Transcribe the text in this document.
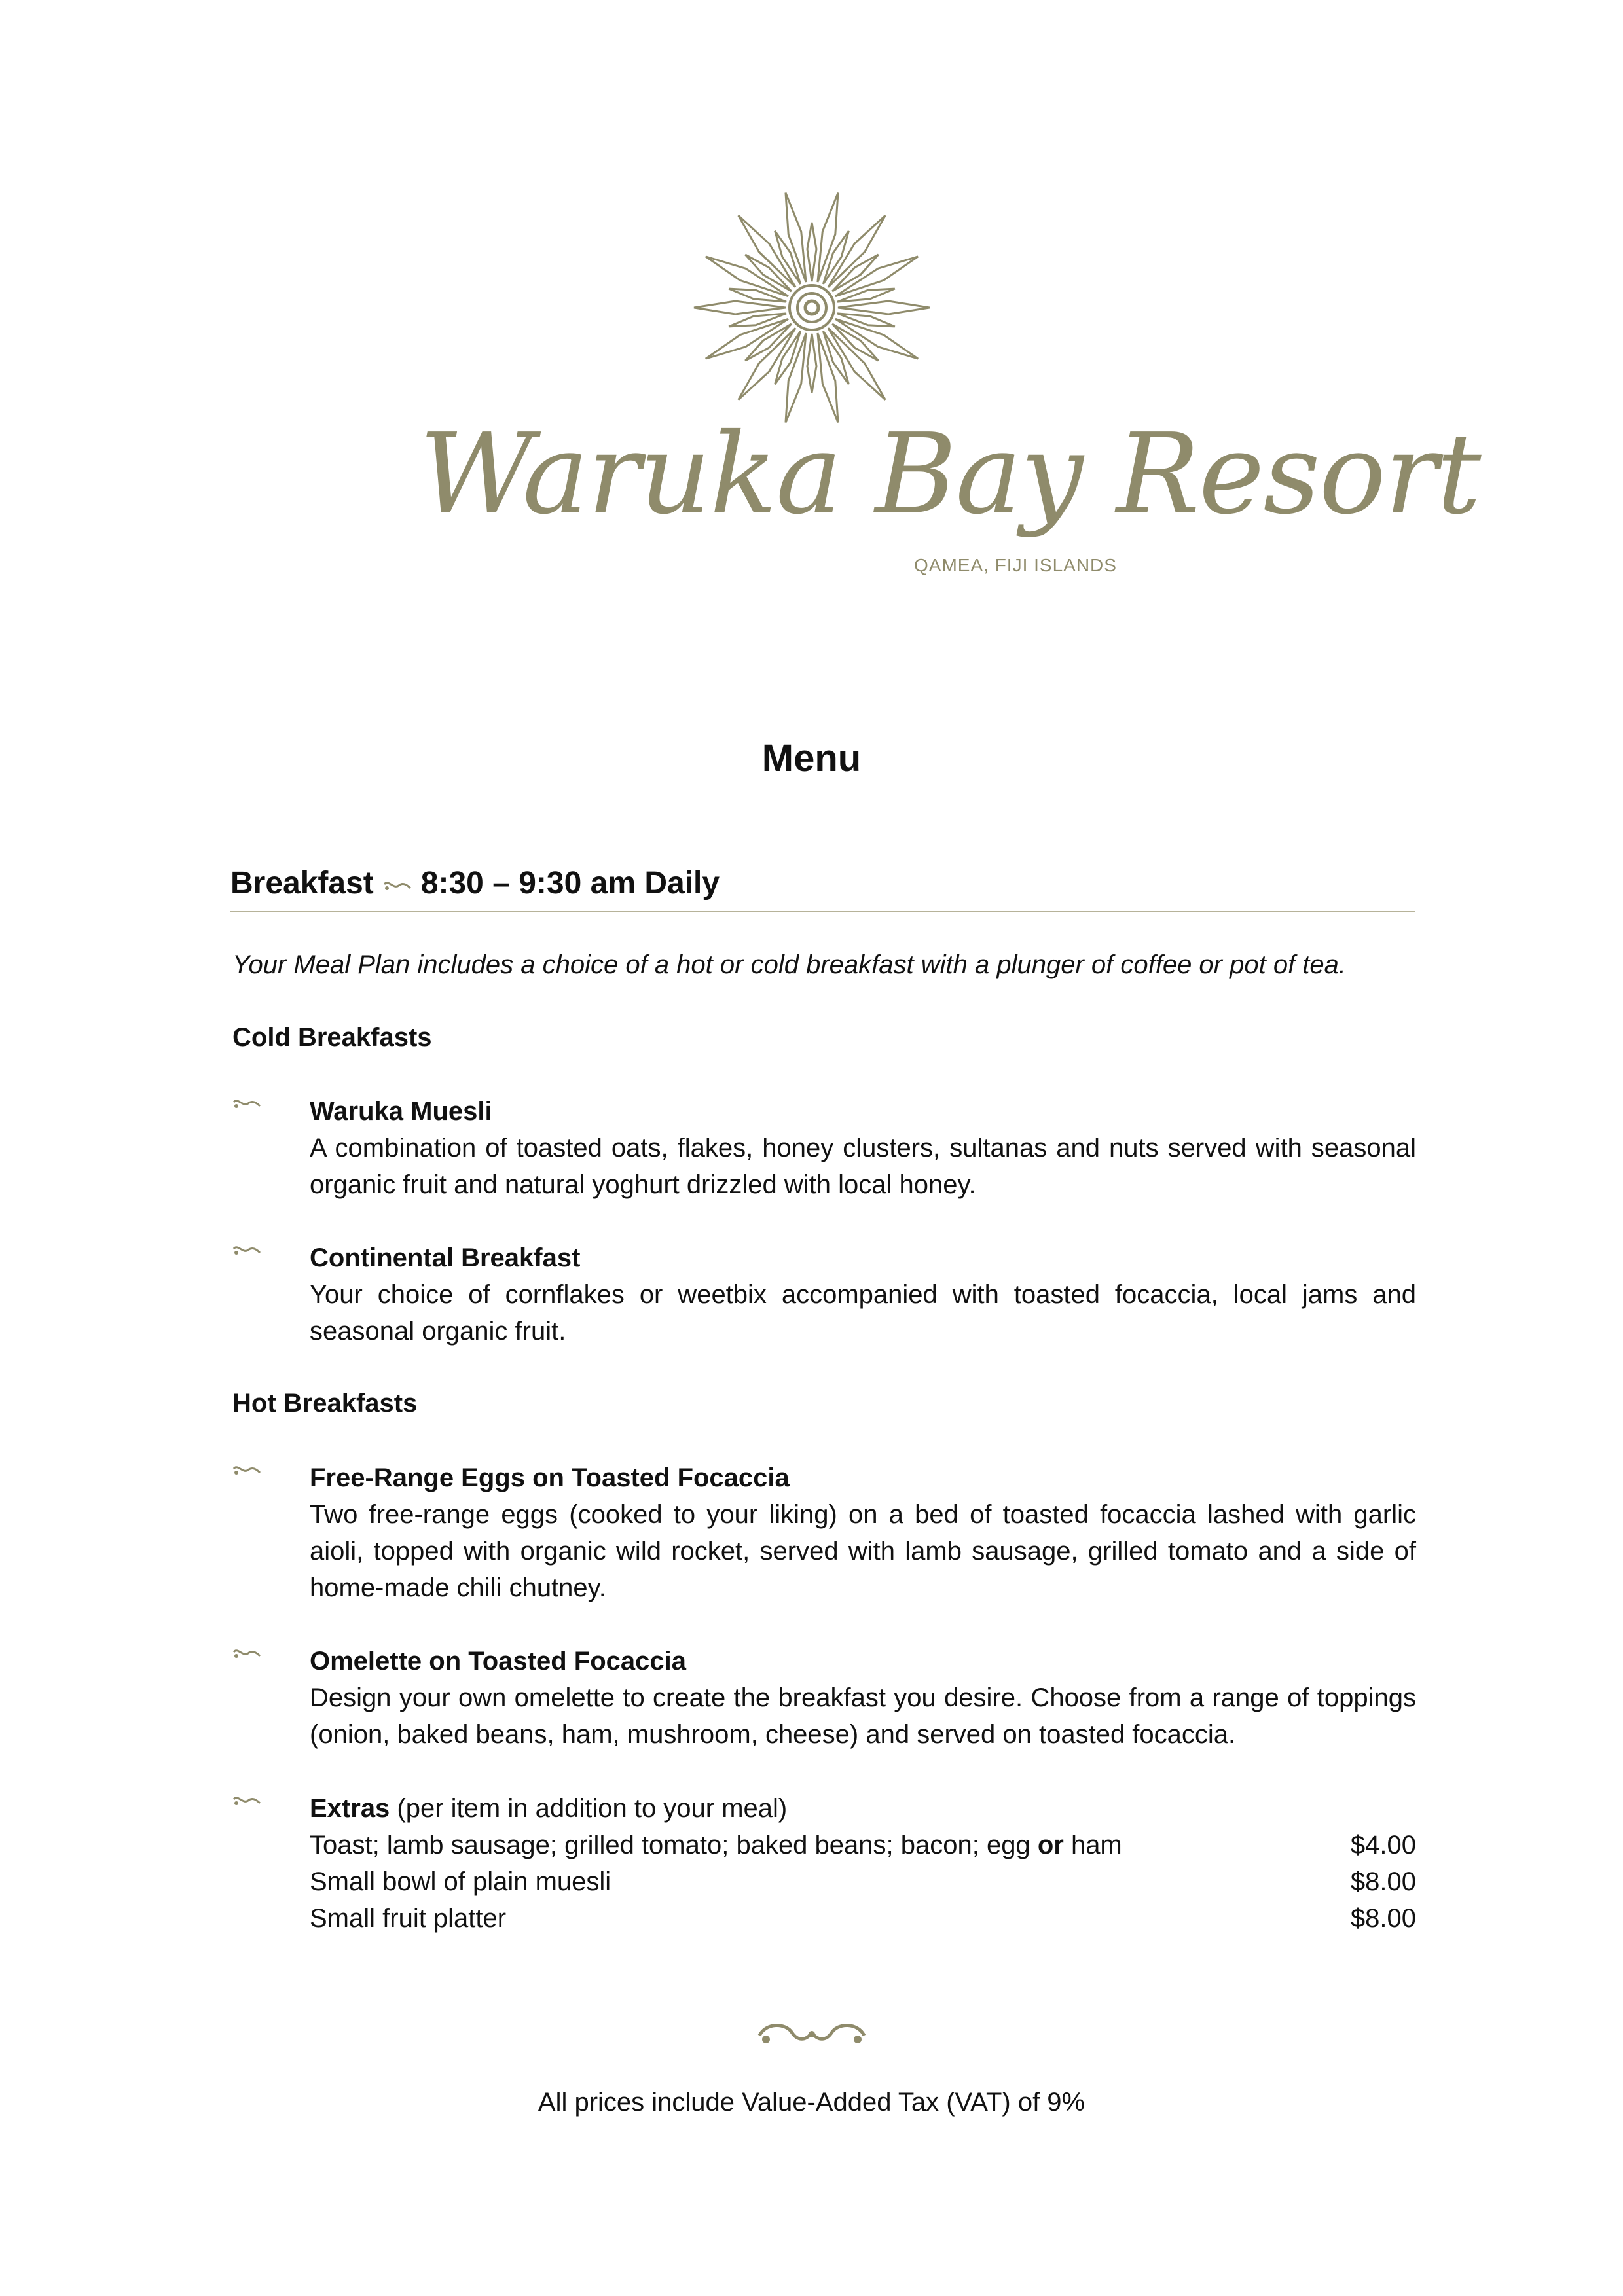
Waruka Bay Resort
QAMEA, FIJI ISLANDS
Menu
Breakfast 8:30 – 9:30 am Daily
Your Meal Plan includes a choice of a hot or cold breakfast with a plunger of coffee or pot of tea.
Cold Breakfasts
Waruka Muesli
A combination of toasted oats, flakes, honey clusters, sultanas and nuts served with seasonal organic fruit and natural yoghurt drizzled with local honey.
Continental Breakfast
Your choice of cornflakes or weetbix accompanied with toasted focaccia, local jams and seasonal organic fruit.
Hot Breakfasts
Free-Range Eggs on Toasted Focaccia
Two free-range eggs (cooked to your liking) on a bed of toasted focaccia lashed with garlic aioli, topped with organic wild rocket, served with lamb sausage, grilled tomato and a side of home-made chili chutney.
Omelette on Toasted Focaccia
Design your own omelette to create the breakfast you desire. Choose from a range of toppings (onion, baked beans, ham, mushroom, cheese) and served on toasted focaccia.
Extras (per item in addition to your meal)
Toast; lamb sausage; grilled tomato; baked beans; bacon; egg or ham	$4.00
Small bowl of plain muesli	$8.00
Small fruit platter	$8.00
All prices include Value-Added Tax (VAT) of 9%
